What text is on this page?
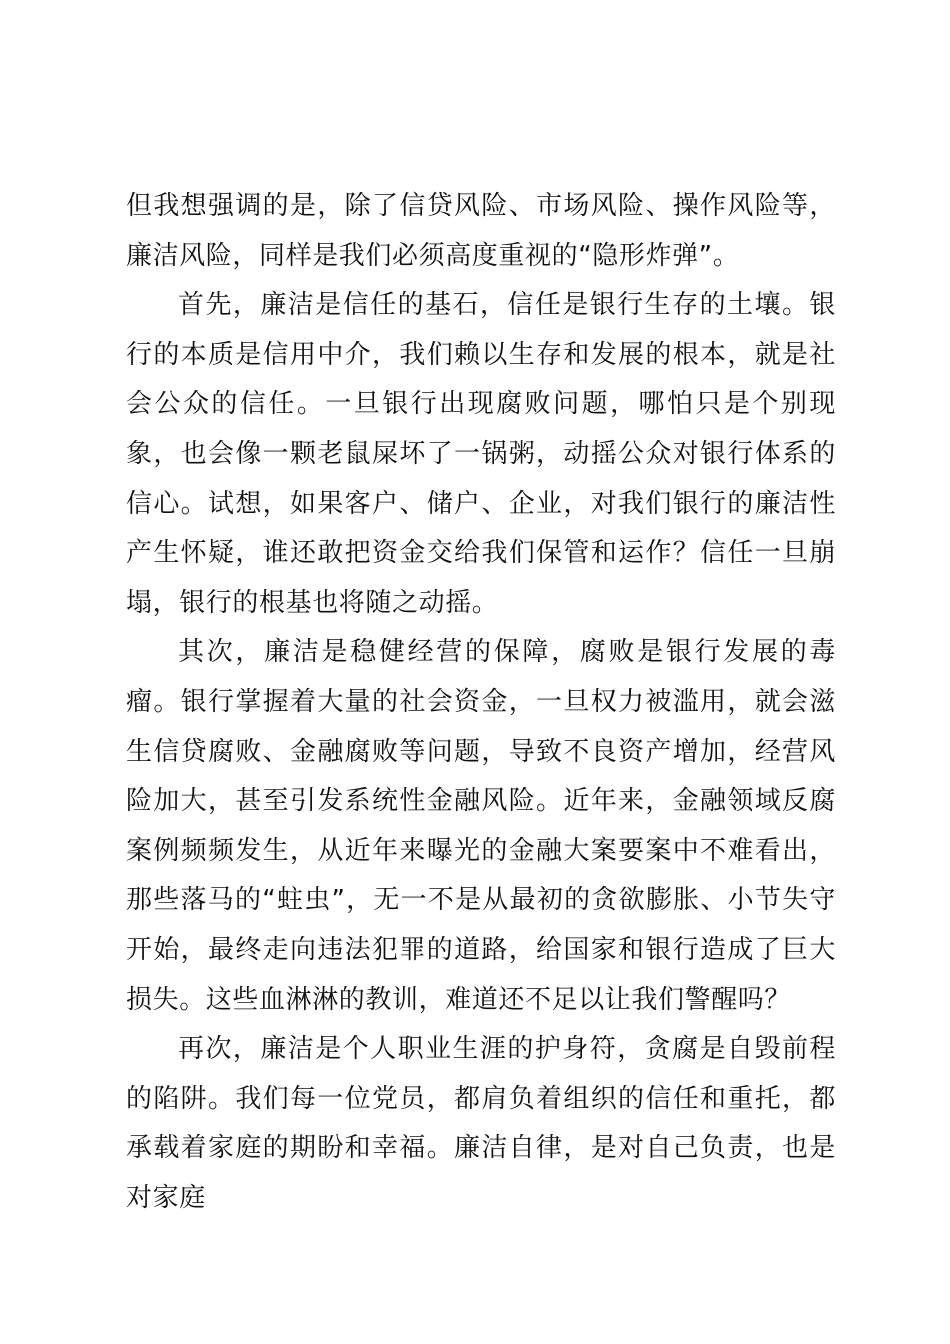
但我想强调的是，除了信贷风险、市场风险、操作风险等，廉洁风险，同样是我们必须高度重视的“隐形炸弹”。

首先，廉洁是信任的基石，信任是银行生存的土壤。银行的本质是信用中介，我们赖以生存和发展的根本，就是社会公众的信任。一旦银行出现腐败问题，哪怕只是个别现象，也会像一颗老鼠屎坏了一锅粥，动摇公众对银行体系的信心。试想，如果客户、储户、企业，对我们银行的廉洁性产生怀疑，谁还敢把资金交给我们保管和运作？信任一旦崩塌，银行的根基也将随之动摇。

其次，廉洁是稳健经营的保障，腐败是银行发展的毒瘤。银行掌握着大量的社会资金，一旦权力被滥用，就会滋生信贷腐败、金融腐败等问题，导致不良资产增加，经营风险加大，甚至引发系统性金融风险。近年来，金融领域反腐案例频频发生，从近年来曝光的金融大案要案中不难看出，那些落马的“蛀虫”，无一不是从最初的贪欲膨胀、小节失守开始，最终走向违法犯罪的道路，给国家和银行造成了巨大损失。这些血淋淋的教训，难道还不足以让我们警醒吗？

再次，廉洁是个人职业生涯的护身符，贪腐是自毁前程的陷阱。我们每一位党员，都肩负着组织的信任和重托，都承载着家庭的期盼和幸福。廉洁自律，是对自己负责，也是对家庭
